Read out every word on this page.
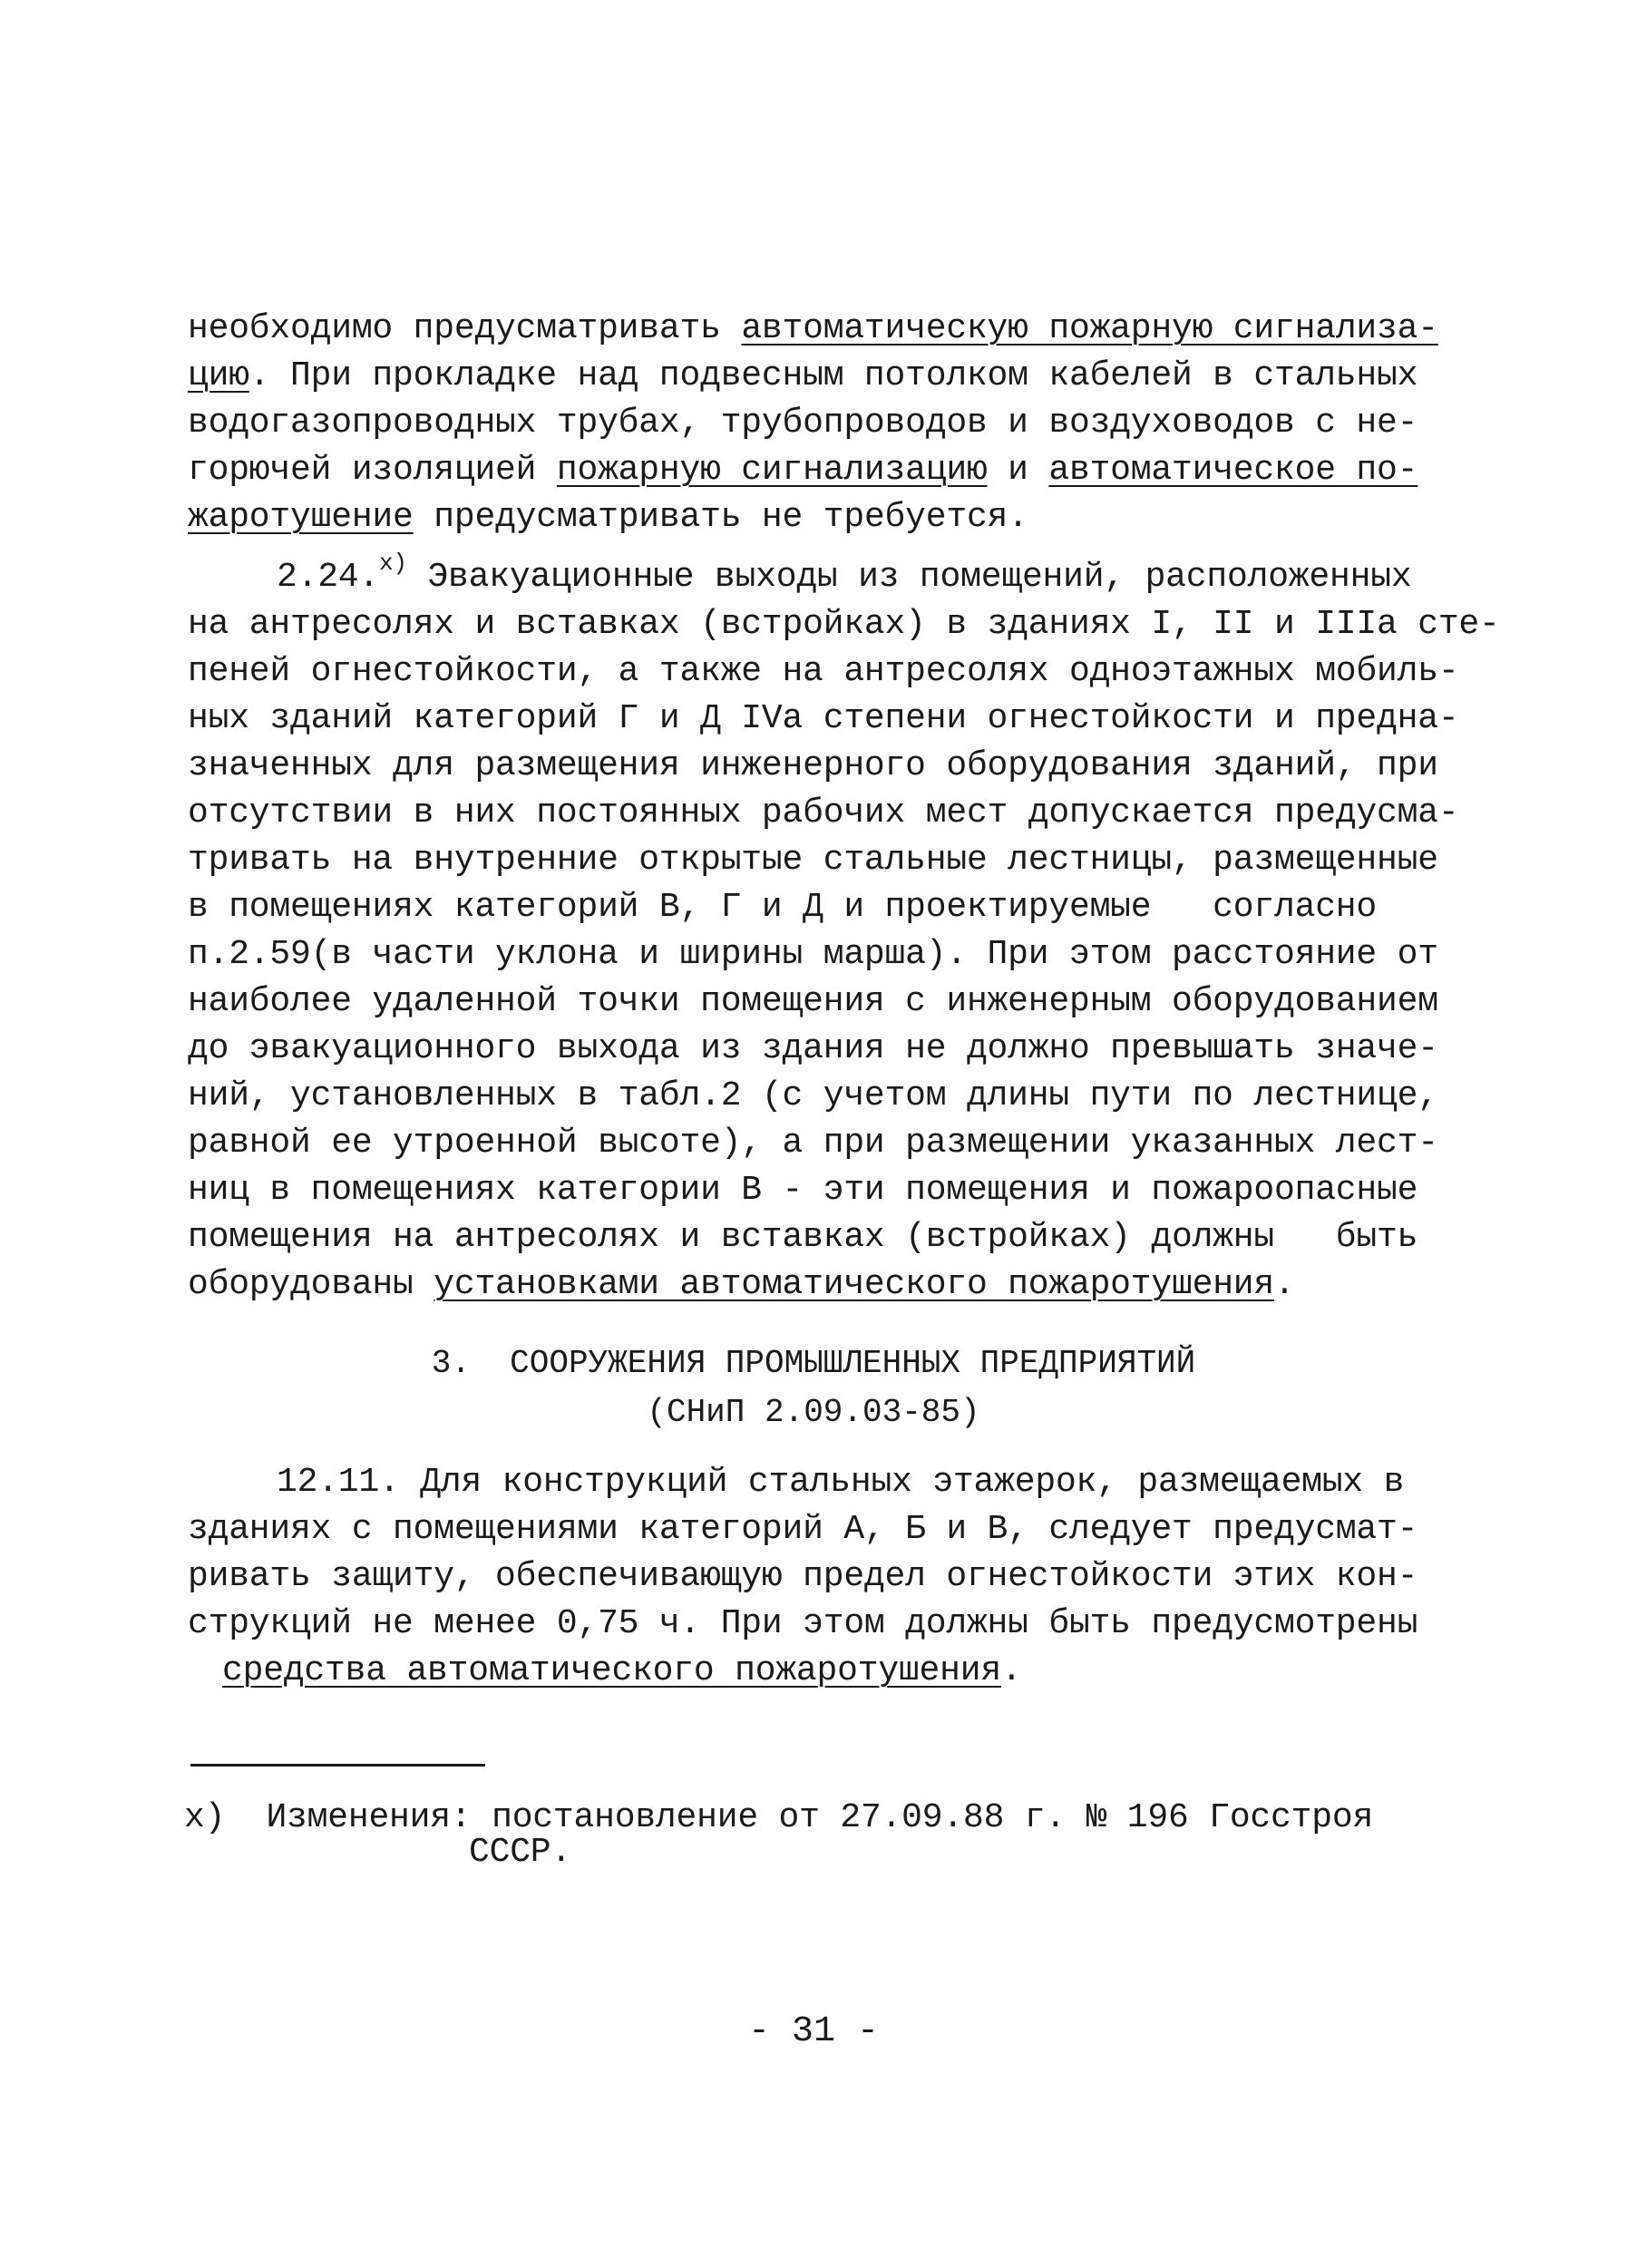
необходимо предусматривать автоматическую пожарную сигнализа-
цию. При прокладке над подвесным потолком кабелей в стальных
водогазопроводных трубах, трубопроводов и воздуховодов с не-
горючей изоляцией пожарную сигнализацию и автоматическое по-
жаротушение предусматривать не требуется.
2.24.$^{x)}$ Эвакуационные выходы из помещений, расположенных
на антресолях и вставках (встройках) в зданиях I, II и IIIа сте-
пеней огнестойкости, а также на антресолях одноэтажных мобиль-
ных зданий категорий Г и Д IVа степени огнестойкости и предна-
значенных для размещения инженерного оборудования зданий, при
отсутствии в них постоянных рабочих мест допускается предусма-
тривать на внутренние открытые стальные лестницы, размещенные
в помещениях категорий В, Г и Д и проектируемые   согласно
п.2.59(в части уклона и ширины марша). При этом расстояние от
наиболее удаленной точки помещения с инженерным оборудованием
до эвакуационного выхода из здания не должно превышать значе-
ний, установленных в табл.2 (с учетом длины пути по лестнице,
равной ее утроенной высоте), а при размещении указанных лест-
ниц в помещениях категории В - эти помещения и пожароопасные
помещения на антресолях и вставках (встройках) должны   быть
оборудованы установками автоматического пожаротушения.
3.  СООРУЖЕНИЯ ПРОМЫШЛЕННЫХ ПРЕДПРИЯТИЙ
(СНиП 2.09.03-85)
12.11. Для конструкций стальных этажерок, размещаемых в
зданиях с помещениями категорий А, Б и В, следует предусмат-
ривать защиту, обеспечивающую предел огнестойкости этих кон-
струкций не менее 0,75 ч. При этом должны быть предусмотрены
средства автоматического пожаротушения.
x) Изменения: постановление от 27.09.88 г. № 196 Госстроя
СССР.
- 31 -
